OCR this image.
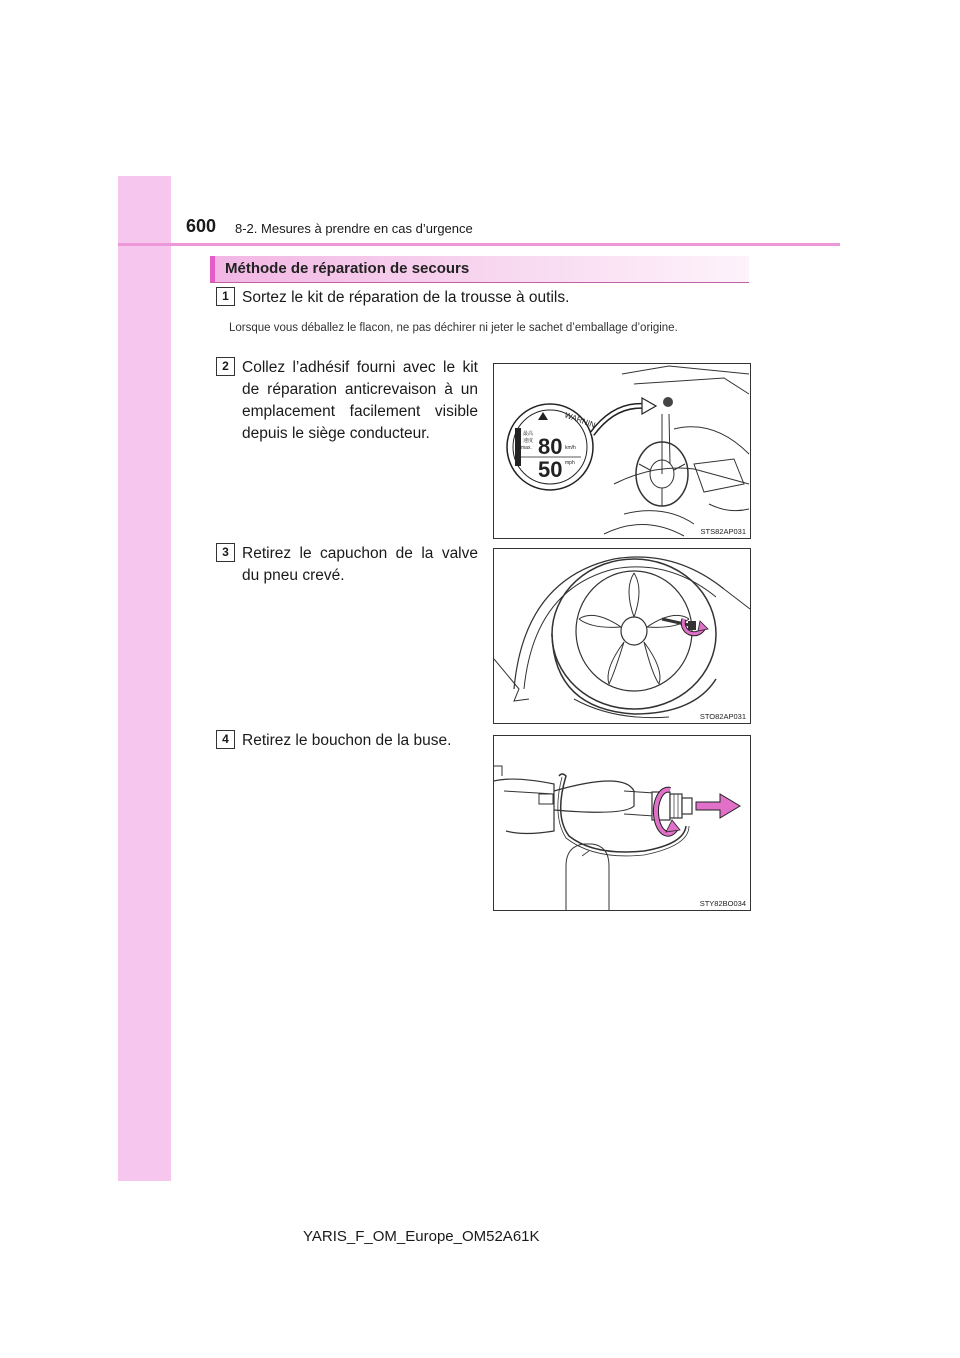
600 8-2. Mesures à prendre en cas d’urgence
Méthode de réparation de secours
1 Sortez le kit de réparation de la trousse à outils.
Lorsque vous déballez le flacon, ne pas déchirer ni jeter le sachet d’emballage d’origine.
2 Collez l’adhésif fourni avec le kit de réparation anticrevaison à un emplacement facilement visible depuis le siège conducteur.
WARNING
最高
速度
max. 80 km/h
50 mph
STS82AP031
3 Retirez le capuchon de la valve du pneu crevé.
STO82AP031
4 Retirez le bouchon de la buse.
STY82BO034
YARIS_F_OM_Europe_OM52A61K
